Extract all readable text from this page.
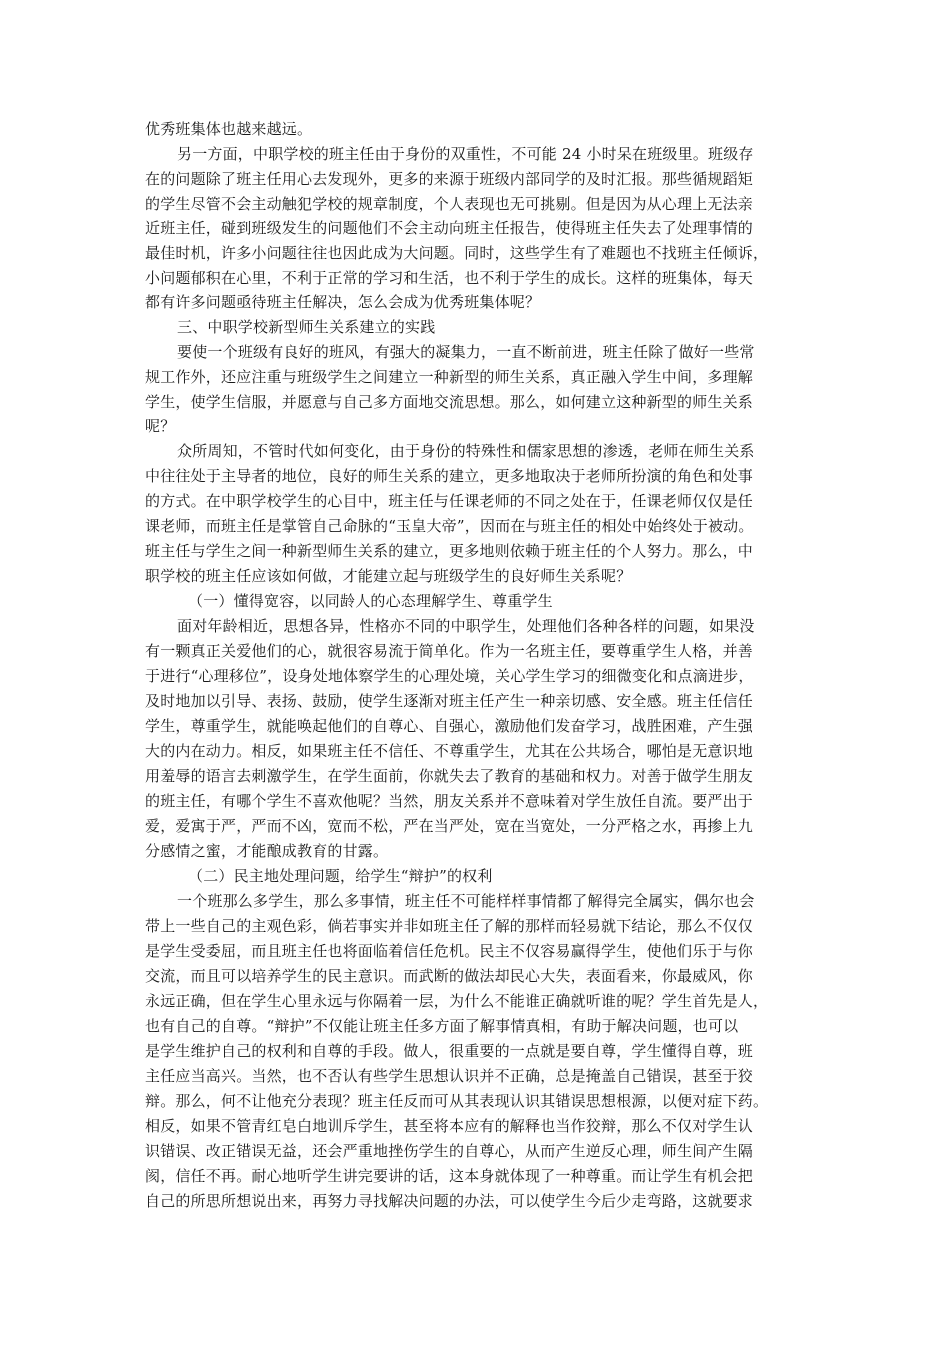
优秀班集体也越来越远。
另一方面，中职学校的班主任由于身份的双重性，不可能 24 小时呆在班级里。班级存
在的问题除了班主任用心去发现外，更多的来源于班级内部同学的及时汇报。那些循规蹈矩
的学生尽管不会主动触犯学校的规章制度，个人表现也无可挑剔。但是因为从心理上无法亲
近班主任，碰到班级发生的问题他们不会主动向班主任报告，使得班主任失去了处理事情的
最佳时机，许多小问题往往也因此成为大问题。同时，这些学生有了难题也不找班主任倾诉，
小问题郁积在心里，不利于正常的学习和生活，也不利于学生的成长。这样的班集体，每天
都有许多问题亟待班主任解决，怎么会成为优秀班集体呢？
三、中职学校新型师生关系建立的实践
要使一个班级有良好的班风，有强大的凝集力，一直不断前进，班主任除了做好一些常
规工作外，还应注重与班级学生之间建立一种新型的师生关系，真正融入学生中间，多理解
学生，使学生信服，并愿意与自己多方面地交流思想。那么，如何建立这种新型的师生关系
呢？
众所周知，不管时代如何变化，由于身份的特殊性和儒家思想的渗透，老师在师生关系
中往往处于主导者的地位，良好的师生关系的建立，更多地取决于老师所扮演的角色和处事
的方式。在中职学校学生的心目中，班主任与任课老师的不同之处在于，任课老师仅仅是任
课老师，而班主任是掌管自己命脉的“玉皇大帝”，因而在与班主任的相处中始终处于被动。
班主任与学生之间一种新型师生关系的建立，更多地则依赖于班主任的个人努力。那么，中
职学校的班主任应该如何做，才能建立起与班级学生的良好师生关系呢？
（一）懂得宽容，以同龄人的心态理解学生、尊重学生
面对年龄相近，思想各异，性格亦不同的中职学生，处理他们各种各样的问题，如果没
有一颗真正关爱他们的心，就很容易流于简单化。作为一名班主任，要尊重学生人格，并善
于进行“心理移位”，设身处地体察学生的心理处境，关心学生学习的细微变化和点滴进步，
及时地加以引导、表扬、鼓励，使学生逐渐对班主任产生一种亲切感、安全感。班主任信任
学生，尊重学生，就能唤起他们的自尊心、自强心，激励他们发奋学习，战胜困难，产生强
大的内在动力。相反，如果班主任不信任、不尊重学生，尤其在公共场合，哪怕是无意识地
用羞辱的语言去刺激学生，在学生面前，你就失去了教育的基础和权力。对善于做学生朋友
的班主任，有哪个学生不喜欢他呢？当然，朋友关系并不意味着对学生放任自流。要严出于
爱，爱寓于严，严而不凶，宽而不松，严在当严处，宽在当宽处，一分严格之水，再掺上九
分感情之蜜，才能酿成教育的甘露。
（二）民主地处理问题，给学生“辩护”的权利
一个班那么多学生，那么多事情，班主任不可能样样事情都了解得完全属实，偶尔也会
带上一些自己的主观色彩，倘若事实并非如班主任了解的那样而轻易就下结论，那么不仅仅
是学生受委屈，而且班主任也将面临着信任危机。民主不仅容易赢得学生，使他们乐于与你
交流，而且可以培养学生的民主意识。而武断的做法却民心大失，表面看来，你最威风，你
永远正确，但在学生心里永远与你隔着一层，为什么不能谁正确就听谁的呢？学生首先是人，
也有自己的自尊。“辩护”不仅能让班主任多方面了解事情真相，有助于解决问题，也可以
是学生维护自己的权利和自尊的手段。做人，很重要的一点就是要自尊，学生懂得自尊，班
主任应当高兴。当然，也不否认有些学生思想认识并不正确，总是掩盖自己错误，甚至于狡
辩。那么，何不让他充分表现？班主任反而可从其表现认识其错误思想根源，以便对症下药。
相反，如果不管青红皂白地训斥学生，甚至将本应有的解释也当作狡辩，那么不仅对学生认
识错误、改正错误无益，还会严重地挫伤学生的自尊心，从而产生逆反心理，师生间产生隔
阂，信任不再。耐心地听学生讲完要讲的话，这本身就体现了一种尊重。而让学生有机会把
自己的所思所想说出来，再努力寻找解决问题的办法，可以使学生今后少走弯路，这就要求
